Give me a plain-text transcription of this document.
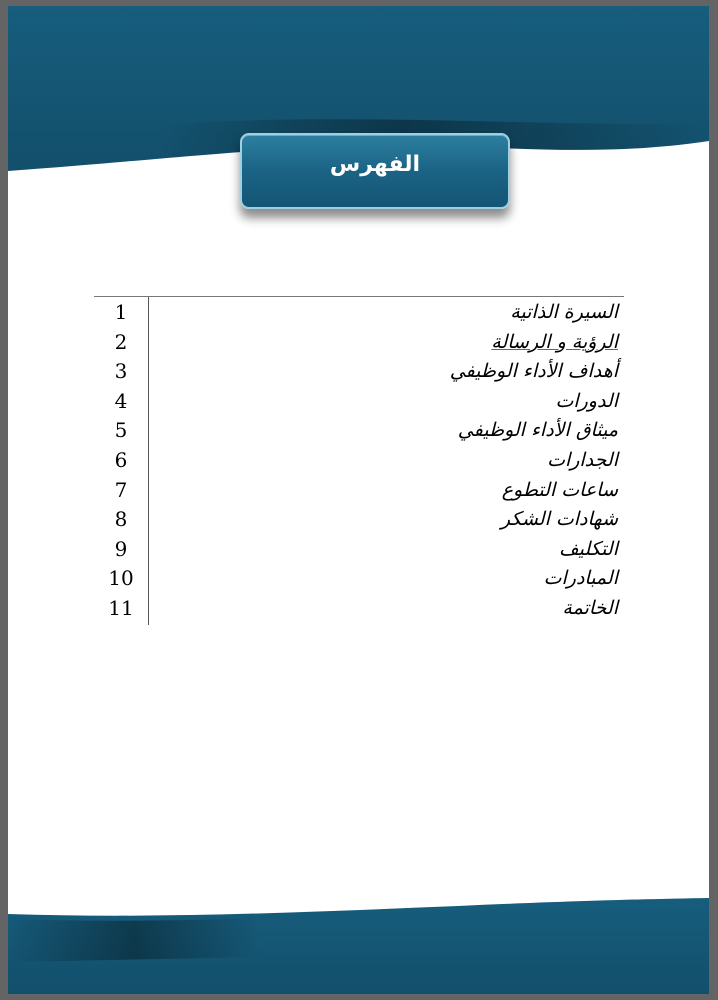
الفهرس
1	السيرة الذاتية
2	الرؤية و الرسالة
3	أهداف الأداء الوظيفي
4	الدورات
5	ميثاق الأداء الوظيفي
6	الجدارات
7	ساعات التطوع
8	شهادات الشكر
9	التكليف
10	المبادرات
11	الخاتمة
